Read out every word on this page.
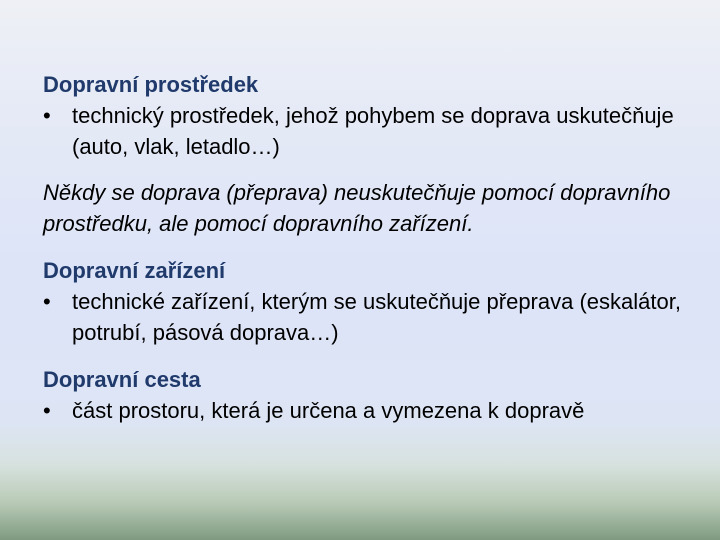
Dopravní prostředek

• technický prostředek, jehož pohybem se doprava uskutečňuje (auto, vlak, letadlo…)

Někdy se doprava (přeprava) neuskutečňuje pomocí dopravního prostředku, ale pomocí dopravního zařízení.

Dopravní zařízení

• technické zařízení, kterým se uskutečňuje přeprava (eskalátor, potrubí, pásová doprava…)

Dopravní cesta

• část prostoru, která je určena a vymezena k dopravě
